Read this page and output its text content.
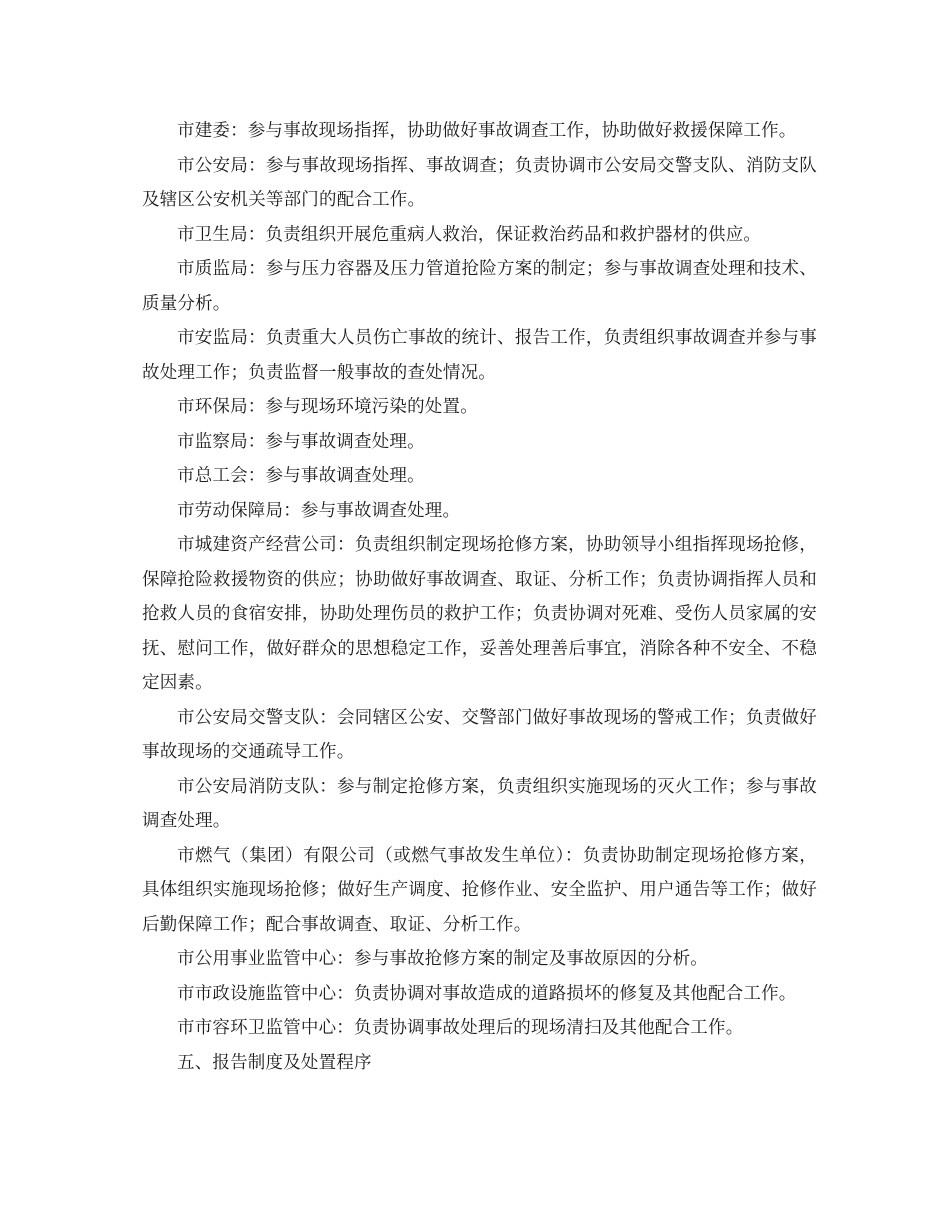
市建委：参与事故现场指挥，协助做好事故调查工作，协助做好救援保障工作。

市公安局：参与事故现场指挥、事故调查；负责协调市公安局交警支队、消防支队及辖区公安机关等部门的配合工作。

市卫生局：负责组织开展危重病人救治，保证救治药品和救护器材的供应。

市质监局：参与压力容器及压力管道抢险方案的制定；参与事故调查处理和技术、质量分析。

市安监局：负责重大人员伤亡事故的统计、报告工作，负责组织事故调查并参与事故处理工作；负责监督一般事故的查处情况。

市环保局：参与现场环境污染的处置。

市监察局：参与事故调查处理。

市总工会：参与事故调查处理。

市劳动保障局：参与事故调查处理。

市城建资产经营公司：负责组织制定现场抢修方案，协助领导小组指挥现场抢修，保障抢险救援物资的供应；协助做好事故调查、取证、分析工作；负责协调指挥人员和抢救人员的食宿安排，协助处理伤员的救护工作；负责协调对死难、受伤人员家属的安抚、慰问工作，做好群众的思想稳定工作，妥善处理善后事宜，消除各种不安全、不稳定因素。

市公安局交警支队：会同辖区公安、交警部门做好事故现场的警戒工作；负责做好事故现场的交通疏导工作。

市公安局消防支队：参与制定抢修方案，负责组织实施现场的灭火工作；参与事故调查处理。

市燃气（集团）有限公司（或燃气事故发生单位）：负责协助制定现场抢修方案，具体组织实施现场抢修；做好生产调度、抢修作业、安全监护、用户通告等工作；做好后勤保障工作；配合事故调查、取证、分析工作。

市公用事业监管中心：参与事故抢修方案的制定及事故原因的分析。

市市政设施监管中心：负责协调对事故造成的道路损坏的修复及其他配合工作。

市市容环卫监管中心：负责协调事故处理后的现场清扫及其他配合工作。

五、报告制度及处置程序
